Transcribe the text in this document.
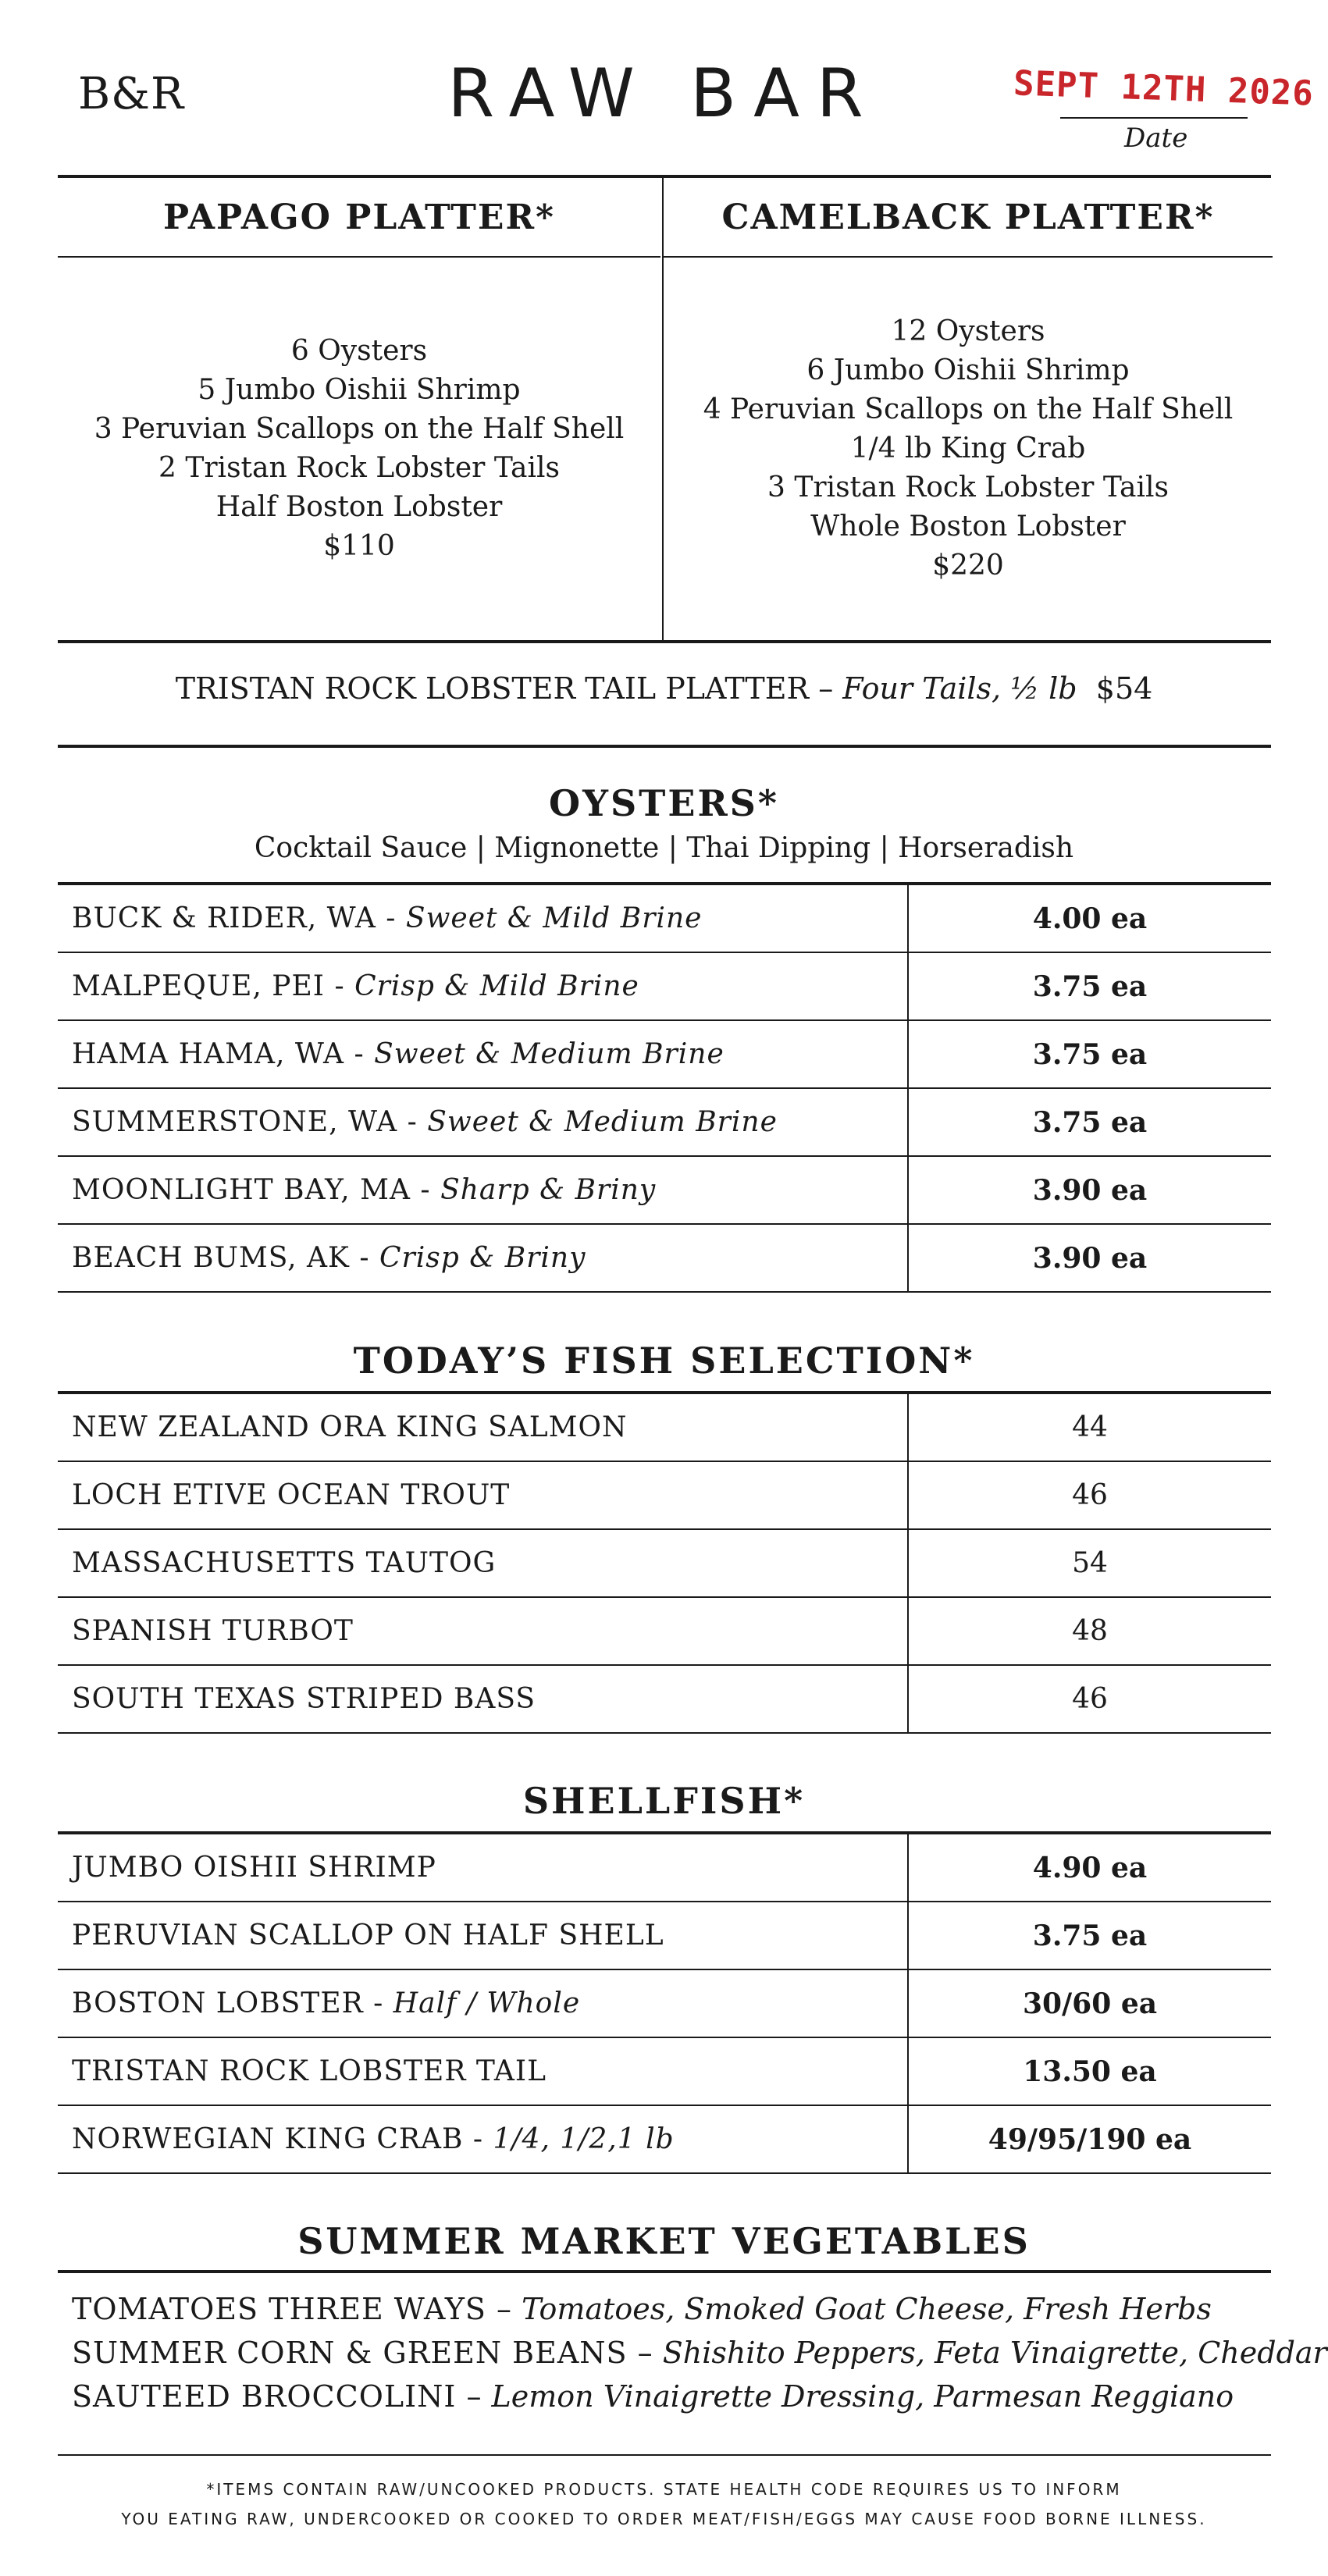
B&R	RAW BAR	SEPT 12TH 2026
Date
PAPAGO PLATTER*
6 Oysters
5 Jumbo Oishii Shrimp
3 Peruvian Scallops on the Half Shell
2 Tristan Rock Lobster Tails
Half Boston Lobster
$110
CAMELBACK PLATTER*
12 Oysters
6 Jumbo Oishii Shrimp
4 Peruvian Scallops on the Half Shell
1/4 lb King Crab
3 Tristan Rock Lobster Tails
Whole Boston Lobster
$220
TRISTAN ROCK LOBSTER TAIL PLATTER – Four Tails, ½ lb $54
OYSTERS*
Cocktail Sauce | Mignonette | Thai Dipping | Horseradish
BUCK & RIDER, WA - Sweet & Mild Brine	4.00 ea
MALPEQUE, PEI - Crisp & Mild Brine	3.75 ea
HAMA HAMA, WA - Sweet & Medium Brine	3.75 ea
SUMMERSTONE, WA - Sweet & Medium Brine	3.75 ea
MOONLIGHT BAY, MA - Sharp & Briny	3.90 ea
BEACH BUMS, AK - Crisp & Briny	3.90 ea
TODAY’S FISH SELECTION*
NEW ZEALAND ORA KING SALMON	44
LOCH ETIVE OCEAN TROUT	46
MASSACHUSETTS TAUTOG	54
SPANISH TURBOT	48
SOUTH TEXAS STRIPED BASS	46
SHELLFISH*
JUMBO OISHII SHRIMP	4.90 ea
PERUVIAN SCALLOP ON HALF SHELL	3.75 ea
BOSTON LOBSTER - Half / Whole	30/60 ea
TRISTAN ROCK LOBSTER TAIL	13.50 ea
NORWEGIAN KING CRAB - 1/4, 1/2,1 lb	49/95/190 ea
SUMMER MARKET VEGETABLES
TOMATOES THREE WAYS – Tomatoes, Smoked Goat Cheese, Fresh Herbs
SUMMER CORN & GREEN BEANS – Shishito Peppers, Feta Vinaigrette, Cheddar
SAUTEED BROCCOLINI – Lemon Vinaigrette Dressing, Parmesan Reggiano
*ITEMS CONTAIN RAW/UNCOOKED PRODUCTS. STATE HEALTH CODE REQUIRES US TO INFORM
YOU EATING RAW, UNDERCOOKED OR COOKED TO ORDER MEAT/FISH/EGGS MAY CAUSE FOOD BORNE ILLNESS.
